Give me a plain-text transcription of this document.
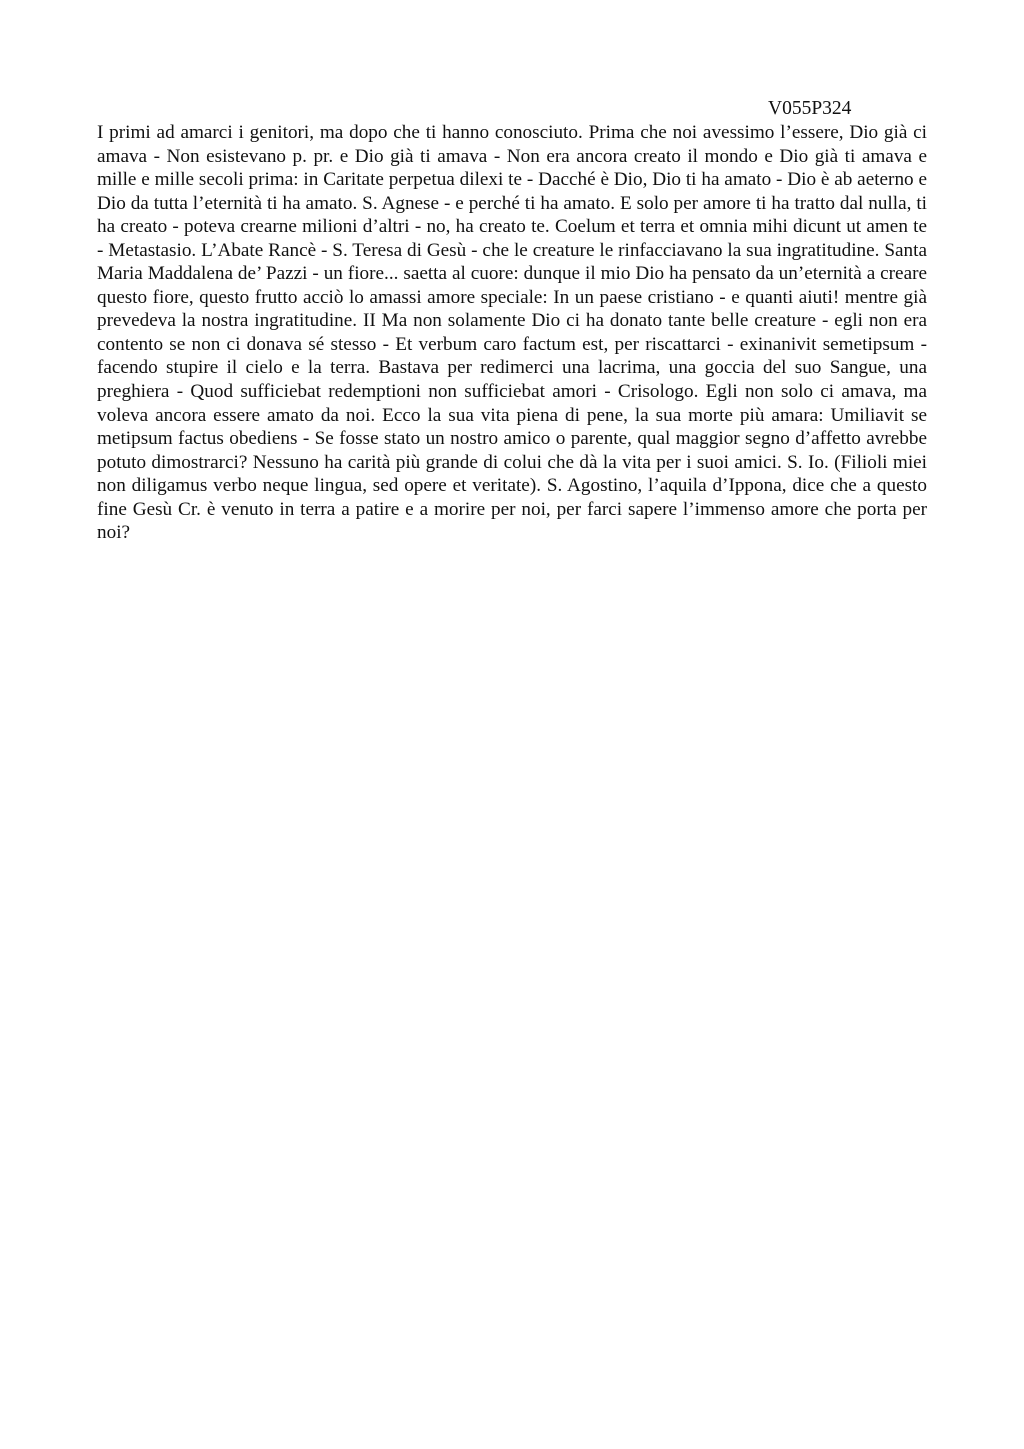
V055P324

I primi ad amarci i genitori, ma dopo che ti hanno conosciuto. Prima che noi avessimo l’essere, Dio già ci amava - Non esistevano p. pr. e Dio già ti amava - Non era ancora creato il mondo e Dio già ti amava e mille e mille secoli prima: in Caritate perpetua dilexi te - Dacché è Dio, Dio ti ha amato - Dio è ab aeterno e Dio da tutta l’eternità ti ha amato. S. Agnese - e perché ti ha amato. E solo per amore ti ha tratto dal nulla, ti ha creato - poteva crearne milioni d’altri - no, ha creato te. Coelum et terra et omnia mihi dicunt ut amen te - Metastasio. L’Abate Rancè - S. Teresa di Gesù - che le creature le rinfacciavano la sua ingratitudine. Santa Maria Maddalena de’ Pazzi - un fiore... saetta al cuore: dunque il mio Dio ha pensato da un’eternità a creare questo fiore, questo frutto acciò lo amassi amore speciale: In un paese cristiano - e quanti aiuti! mentre già prevedeva la nostra ingratitudine. II Ma non solamente Dio ci ha donato tante belle creature - egli non era contento se non ci donava sé stesso - Et verbum caro factum est, per riscattarci - exinanivit semetipsum - facendo stupire il cielo e la terra. Bastava per redimerci una lacrima, una goccia del suo Sangue, una preghiera - Quod sufficiebat redemptioni non sufficiebat amori - Crisologo. Egli non solo ci amava, ma voleva ancora essere amato da noi. Ecco la sua vita piena di pene, la sua morte più amara: Umiliavit se metipsum factus obediens - Se fosse stato un nostro amico o parente, qual maggior segno d’affetto avrebbe potuto dimostrarci? Nessuno ha carità più grande di colui che dà la vita per i suoi amici. S. Io. (Filioli miei non diligamus verbo neque lingua, sed opere et veritate). S. Agostino, l’aquila d’Ippona, dice che a questo fine Gesù Cr. è venuto in terra a patire e a morire per noi, per farci sapere l’immenso amore che porta per noi?
